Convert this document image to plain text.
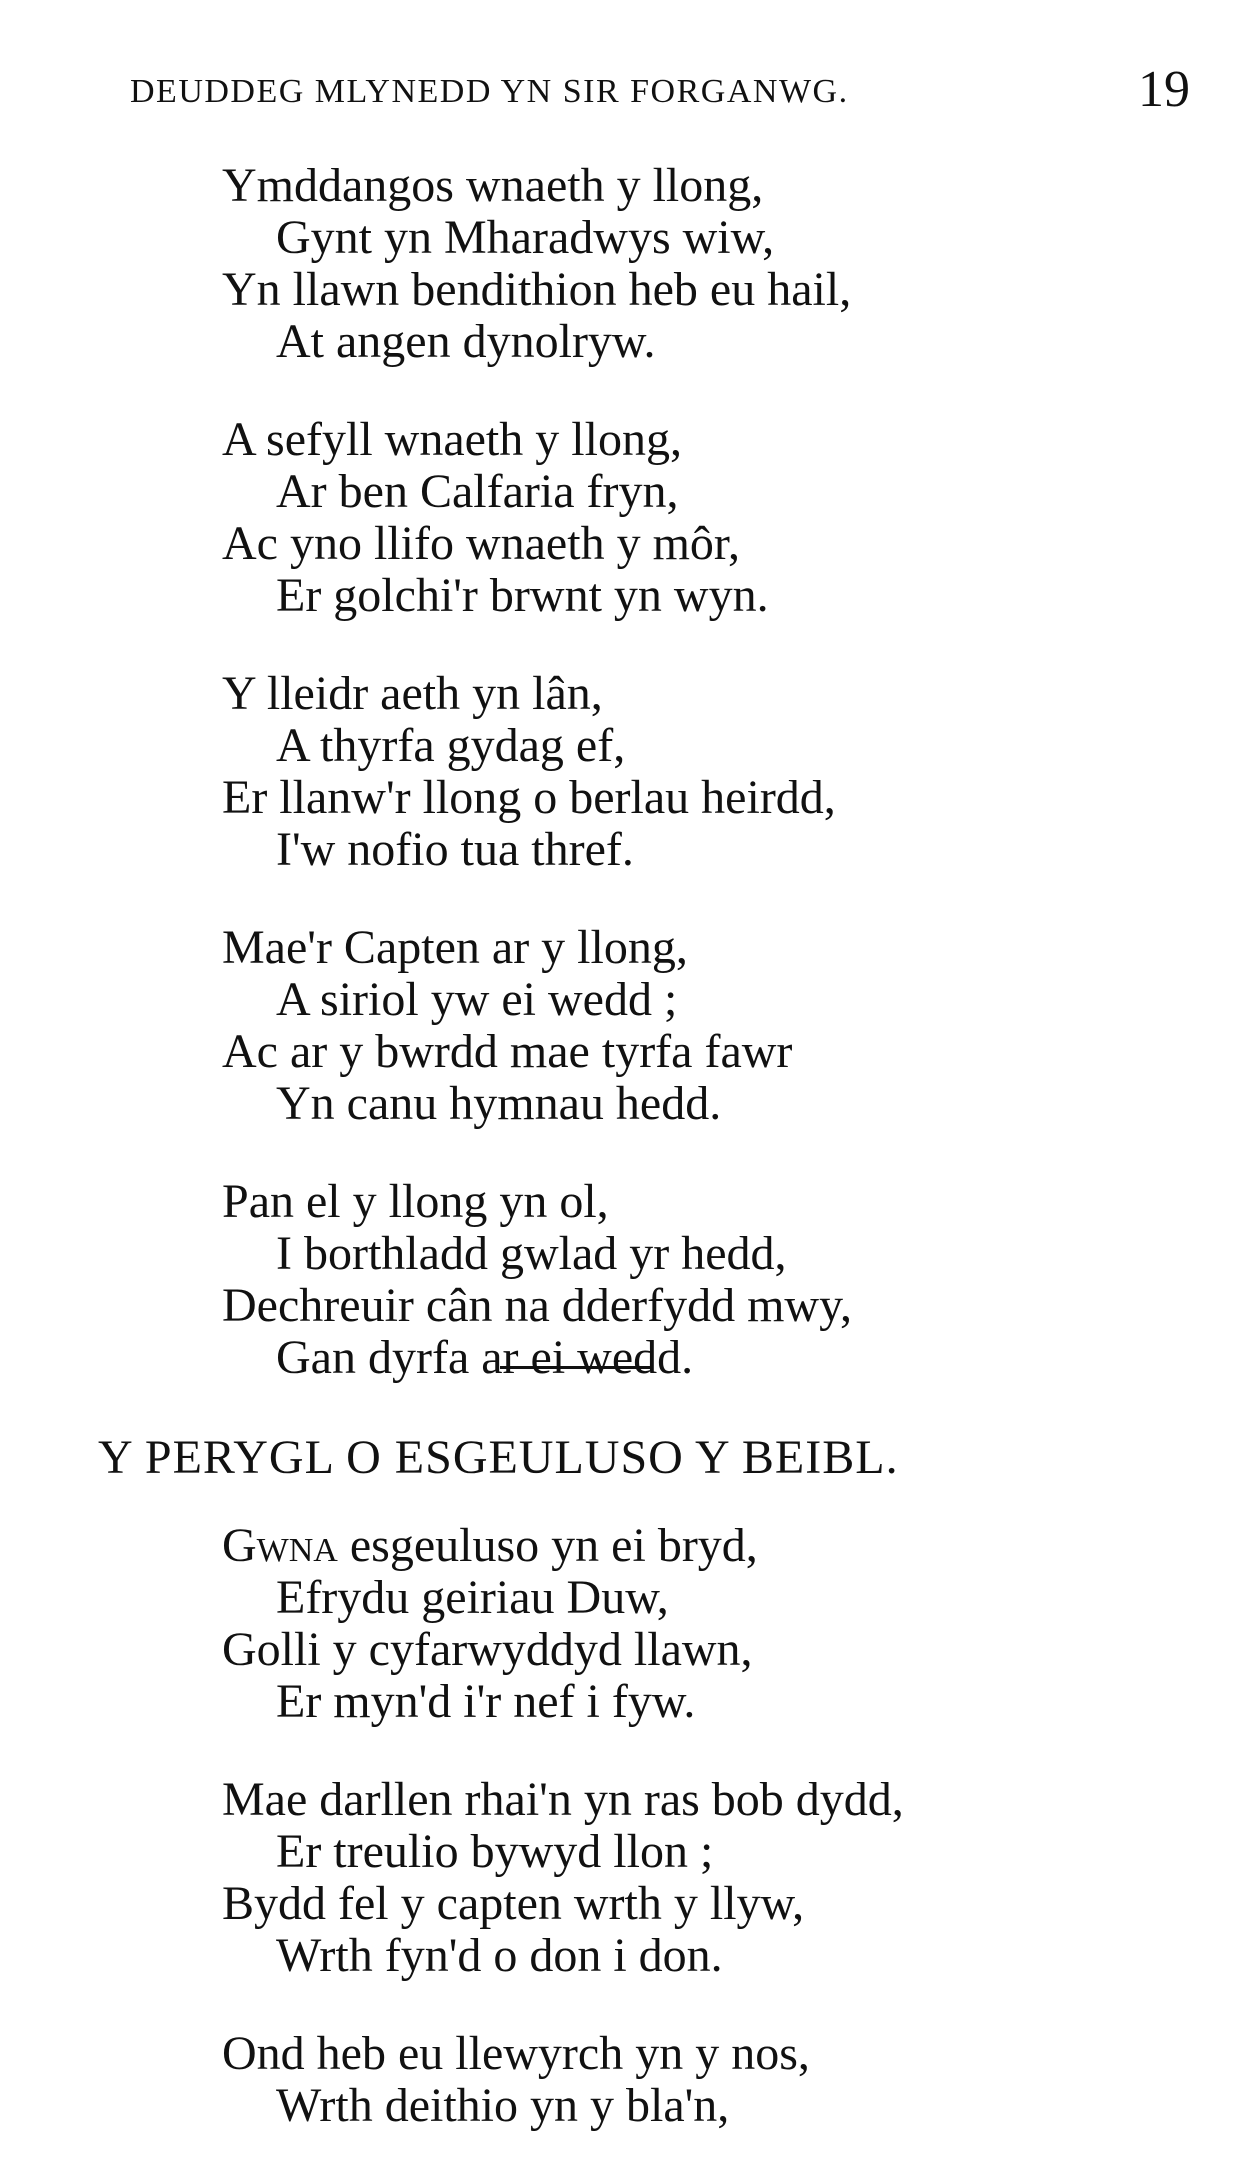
DEUDDEG MLYNEDD YN SIR FORGANWG.	19
Ymddangos wnaeth y llong,
Gynt yn Mharadwys wiw,
Yn llawn bendithion heb eu hail,
At angen dynolryw.
A sefyll wnaeth y llong,
Ar ben Calfaria fryn,
Ac yno llifo wnaeth y môr,
Er golchi'r brwnt yn wyn.
Y lleidr aeth yn lân,
A thyrfa gydag ef,
Er llanw'r llong o berlau heirdd,
I'w nofio tua thref.
Mae'r Capten ar y llong,
A siriol yw ei wedd ;
Ac ar y bwrdd mae tyrfa fawr
Yn canu hymnau hedd.
Pan el y llong yn ol,
I borthladd gwlad yr hedd,
Dechreuir cân na dderfydd mwy,
Gan dyrfa ar ei wedd.
Y PERYGL O ESGEULUSO Y BEIBL.
Gwna esgeuluso yn ei bryd,
Efrydu geiriau Duw,
Golli y cyfarwyddyd llawn,
Er myn'd i'r nef i fyw.
Mae darllen rhai'n yn ras bob dydd,
Er treulio bywyd llon ;
Bydd fel y capten wrth y llyw,
Wrth fyn'd o don i don.
Ond heb eu llewyrch yn y nos,
Wrth deithio yn y bla'n,
